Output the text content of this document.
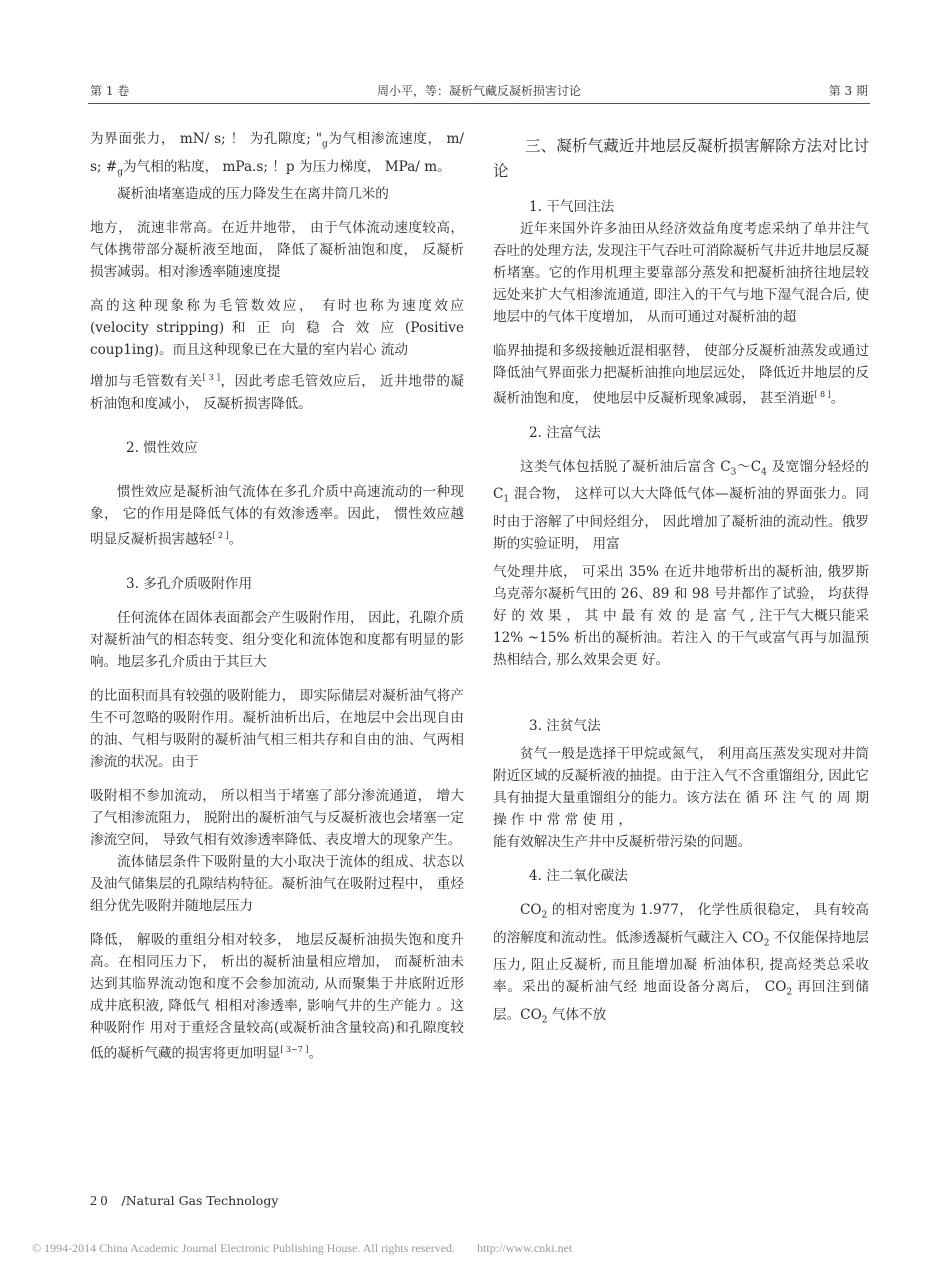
第 1 卷	周小平，等：凝析气藏反凝析损害讨论	第 3 期

为界面张力， mN/ s; ！ 为孔隙度; "$_g$为气相渗流速度， m/ s; $\#_g$为气相的粘度， mPa.s; ！p 为压力梯度， MPa/ m。

凝析油堵塞造成的压力降发生在离井筒几米的

地方， 流速非常高。在近井地带， 由于气体流动速度较高， 气体携带部分凝析液至地面， 降低了凝析油饱和度， 反凝析损害减弱。相对渗透率随速度提

高的这种现象称为毛管数效应， 有时也称为速度效应 (velocity stripping) 和 正 向 稳 合 效 应 (Positive coup1ing)。而且这种现象已在大量的室内岩心 流动

增加与毛管数有关[ 3 ]，因此考虑毛管效应后， 近井地带的凝析油饱和度减小， 反凝析损害降低。

2. 惯性效应

惯性效应是凝析油气流体在多孔介质中高速流动的一种现象， 它的作用是降低气体的有效渗透率。因此， 惯性效应越明显反凝析损害越轻[ 2 ]。

3. 多孔介质吸附作用

任何流体在固体表面都会产生吸附作用， 因此，孔隙介质对凝析油气的相态转变、组分变化和流体饱和度都有明显的影响。地层多孔介质由于其巨大

的比面积而具有较强的吸附能力， 即实际储层对凝析油气将产生不可忽略的吸附作用。凝析油析出后，在地层中会出现自由的油、气相与吸附的凝析油气相三相共存和自由的油、气两相渗流的状况。由于

吸附相不参加流动， 所以相当于堵塞了部分渗流通道， 增大了气相渗流阻力， 脱附出的凝析油气与反凝析液也会堵塞一定渗流空间， 导致气相有效渗透率降低、表皮增大的现象产生。

流体储层条件下吸附量的大小取决于流体的组成、状态以及油气储集层的孔隙结构特征。凝析油气在吸附过程中， 重烃组分优先吸附并随地层压力

降低， 解吸的重组分相对较多， 地层反凝析油损失饱和度升高。在相同压力下， 析出的凝析油量相应增加， 而凝析油未达到其临界流动饱和度不会参加流动, 从而聚集于井底附近形成井底积液, 降低气 相相对渗透率, 影响气井的生产能力 。这种吸附作 用对于重烃含量较高(或凝析油含量较高)和孔隙度较低的凝析气藏的损害将更加明显[ 3~7 ]。

三、凝析气藏近井地层反凝析损害解除方法对比讨论

1. 干气回注法

近年来国外许多油田从经济效益角度考虑采纳了单井注气吞吐的处理方法, 发现注干气吞吐可消除凝析气井近井地层反凝析堵塞。它的作用机理主要靠部分蒸发和把凝析油挤往地层较远处来扩大气相渗流通道, 即注入的干气与地下湿气混合后, 使 地层中的气体干度增加， 从而可通过对凝析油的超

临界抽提和多级接触近混相驱替， 使部分反凝析油蒸发或通过降低油气界面张力把凝析油推向地层远处， 降低近井地层的反凝析油饱和度， 使地层中反凝析现象减弱， 甚至消逝[ 8 ]。

2. 注富气法

这类气体包括脱了凝析油后富含 $C_3\sim C_4$ 及宽馏分轻烃的 $C_1$ 混合物， 这样可以大大降低气体—凝析油的界面张力。同时由于溶解了中间烃组分， 因此增加了凝析油的流动性。俄罗斯的实验证明， 用富

气处理井底， 可采出 35% 在近井地带析出的凝析油, 俄罗斯乌克蒂尔凝析气田的 26、89 和 98 号井都作了试验， 均获得 好 的 效 果 ， 其 中 最 有 效 的 是 富 气 , 注干气大概只能采 12% ~15% 析出的凝析油。若注入 的干气或富气再与加温预热相结合, 那么效果会更 好。

3. 注贫气法

贫气一般是选择干甲烷或氮气， 利用高压蒸发实现对井筒附近区域的反凝析液的抽提。由于注入气不含重馏组分, 因此它具有抽提大量重馏组分的能力。该方法在 循 环 注 气 的 周 期 操 作 中 常 常 使 用 ，

能有效解决生产井中反凝析带污染的问题。

4. 注二氧化碳法

$CO_2$ 的相对密度为 1.977， 化学性质很稳定， 具有较高的溶解度和流动性。低渗透凝析气藏注入 $CO_2$ 不仅能保持地层压力, 阻止反凝析, 而且能增加凝 析油体积, 提高烃类总采收率。采出的凝析油气经 地面设备分离后， $CO_2$ 再回注到储层。$CO_2$ 气体不放

2 0 /Natural Gas Technology
© 1994-2014 China Academic Journal Electronic Publishing House. All rights reserved. http://www.cnki.net
